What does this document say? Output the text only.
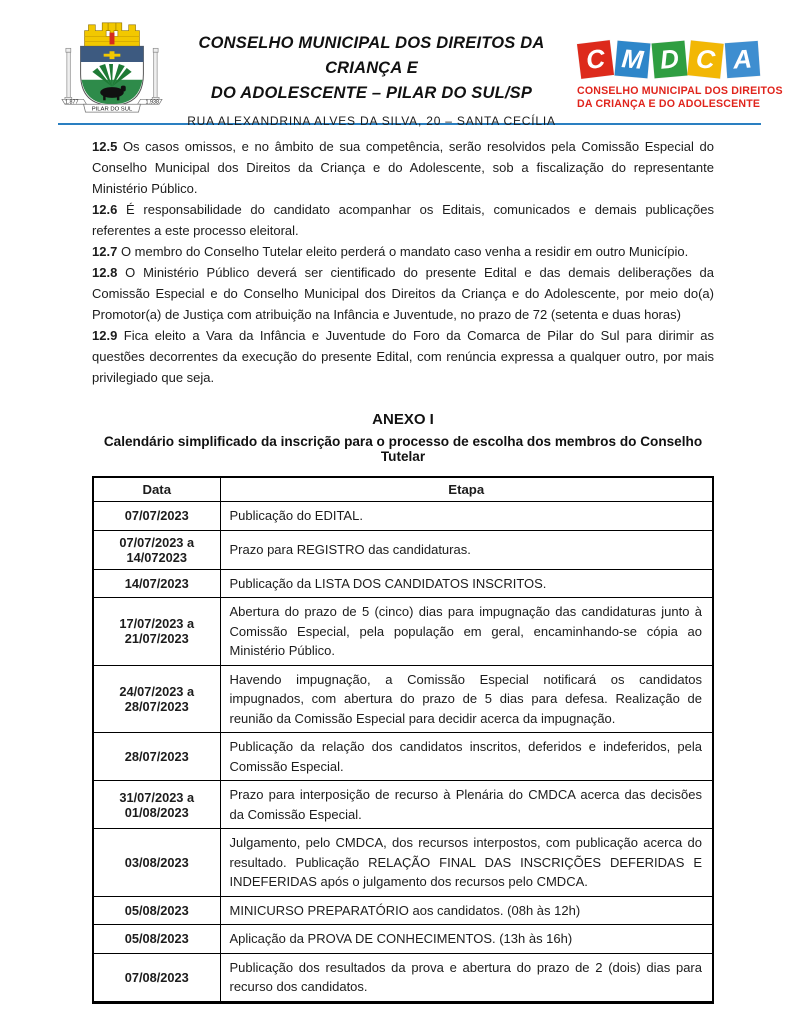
1.877	1.938
PILAR DO SUL
CONSELHO MUNICIPAL DOS DIREITOS DA CRIANÇA E
DO ADOLESCENTE – PILAR DO SUL/SP
RUA ALEXANDRINA ALVES DA SILVA, 20 – SANTA CECÍLIA
C M D C A
CONSELHO MUNICIPAL DOS DIREITOS
DA CRIANÇA E DO ADOLESCENTE

12.5 Os casos omissos, e no âmbito de sua competência, serão resolvidos pela Comissão Especial do Conselho Municipal dos Direitos da Criança e do Adolescente, sob a fiscalização do representante Ministério Público.

12.6 É responsabilidade do candidato acompanhar os Editais, comunicados e demais publicações referentes a este processo eleitoral.

12.7 O membro do Conselho Tutelar eleito perderá o mandato caso venha a residir em outro Município.

12.8 O Ministério Público deverá ser cientificado do presente Edital e das demais deliberações da Comissão Especial e do Conselho Municipal dos Direitos da Criança e do Adolescente, por meio do(a) Promotor(a) de Justiça com atribuição na Infância e Juventude, no prazo de 72 (setenta e duas horas)

12.9 Fica eleito a Vara da Infância e Juventude do Foro da Comarca de Pilar do Sul para dirimir as questões decorrentes da execução do presente Edital, com renúncia expressa a qualquer outro, por mais privilegiado que seja.

ANEXO I
Calendário simplificado da inscrição para o processo de escolha dos membros do Conselho Tutelar
Data	Etapa
07/07/2023	Publicação do EDITAL.
07/07/2023 a 14/072023	Prazo para REGISTRO das candidaturas.
14/07/2023	Publicação da LISTA DOS CANDIDATOS INSCRITOS.
17/07/2023 a 21/07/2023	Abertura do prazo de 5 (cinco) dias para impugnação das candidaturas junto à Comissão Especial, pela população em geral, encaminhando-se cópia ao Ministério Público.
24/07/2023 a 28/07/2023	Havendo impugnação, a Comissão Especial notificará os candidatos impugnados, com abertura do prazo de 5 dias para defesa. Realização de reunião da Comissão Especial para decidir acerca da impugnação.
28/07/2023	Publicação da relação dos candidatos inscritos, deferidos e indeferidos, pela Comissão Especial.
31/07/2023 a 01/08/2023	Prazo para interposição de recurso à Plenária do CMDCA acerca das decisões da Comissão Especial.
03/08/2023	Julgamento, pelo CMDCA, dos recursos interpostos, com publicação acerca do resultado. Publicação RELAÇÃO FINAL DAS INSCRIÇÕES DEFERIDAS E INDEFERIDAS após o julgamento dos recursos pelo CMDCA.
05/08/2023	MINICURSO PREPARATÓRIO aos candidatos. (08h às 12h)
05/08/2023	Aplicação da PROVA DE CONHECIMENTOS. (13h às 16h)
07/08/2023	Publicação dos resultados da prova e abertura do prazo de 2 (dois) dias para recurso dos candidatos.
